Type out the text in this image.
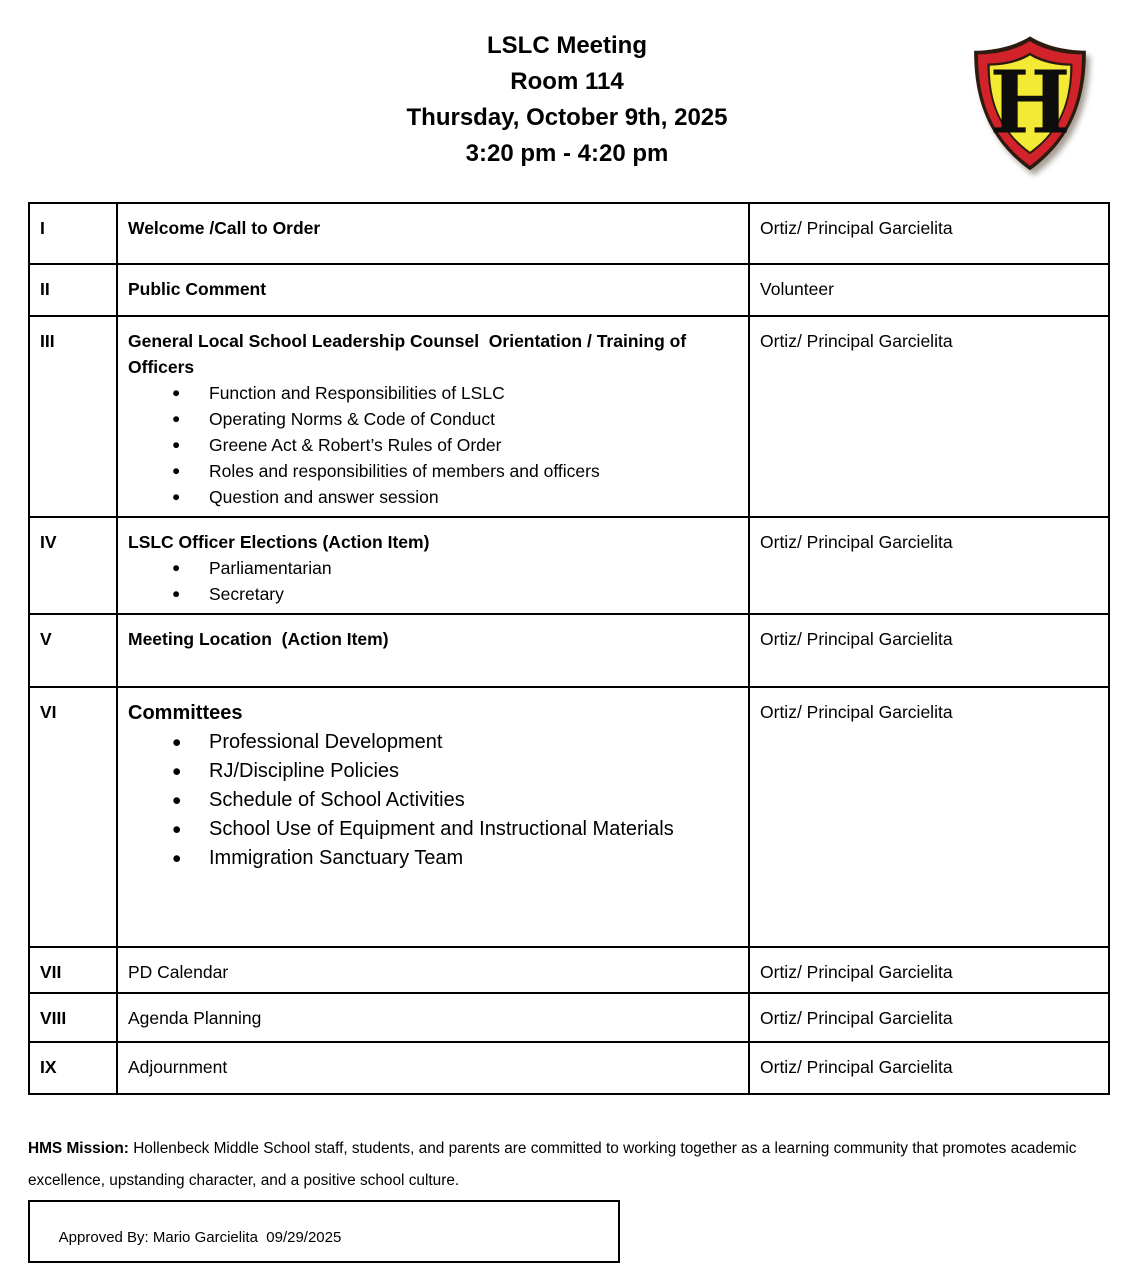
LSLC Meeting
Room 114
Thursday, October 9th, 2025
3:20 pm - 4:20 pm	H
I	Welcome /Call to Order	Ortiz/ Principal Garcielita
II	Public Comment	Volunteer
III	General Local School Leadership Counsel  Orientation / Training of Officers
● Function and Responsibilities of LSLC
● Operating Norms & Code of Conduct
● Greene Act & Robert’s Rules of Order
● Roles and responsibilities of members and officers
● Question and answer session
	Ortiz/ Principal Garcielita
IV	LSLC Officer Elections (Action Item)
● Parliamentarian
● Secretary
	Ortiz/ Principal Garcielita
V	Meeting Location  (Action Item)	Ortiz/ Principal Garcielita
VI	Committees
● Professional Development
● RJ/Discipline Policies
● Schedule of School Activities
● School Use of Equipment and Instructional Materials
● Immigration Sanctuary Team
	Ortiz/ Principal Garcielita
VII	PD Calendar	Ortiz/ Principal Garcielita
VIII	Agenda Planning	Ortiz/ Principal Garcielita
IX	Adjournment	Ortiz/ Principal Garcielita

HMS Mission: Hollenbeck Middle School staff, students, and parents are committed to working together as a learning community that promotes academic excellence, upstanding character, and a positive school culture.

Approved By: Mario Garcielita  09/29/2025
